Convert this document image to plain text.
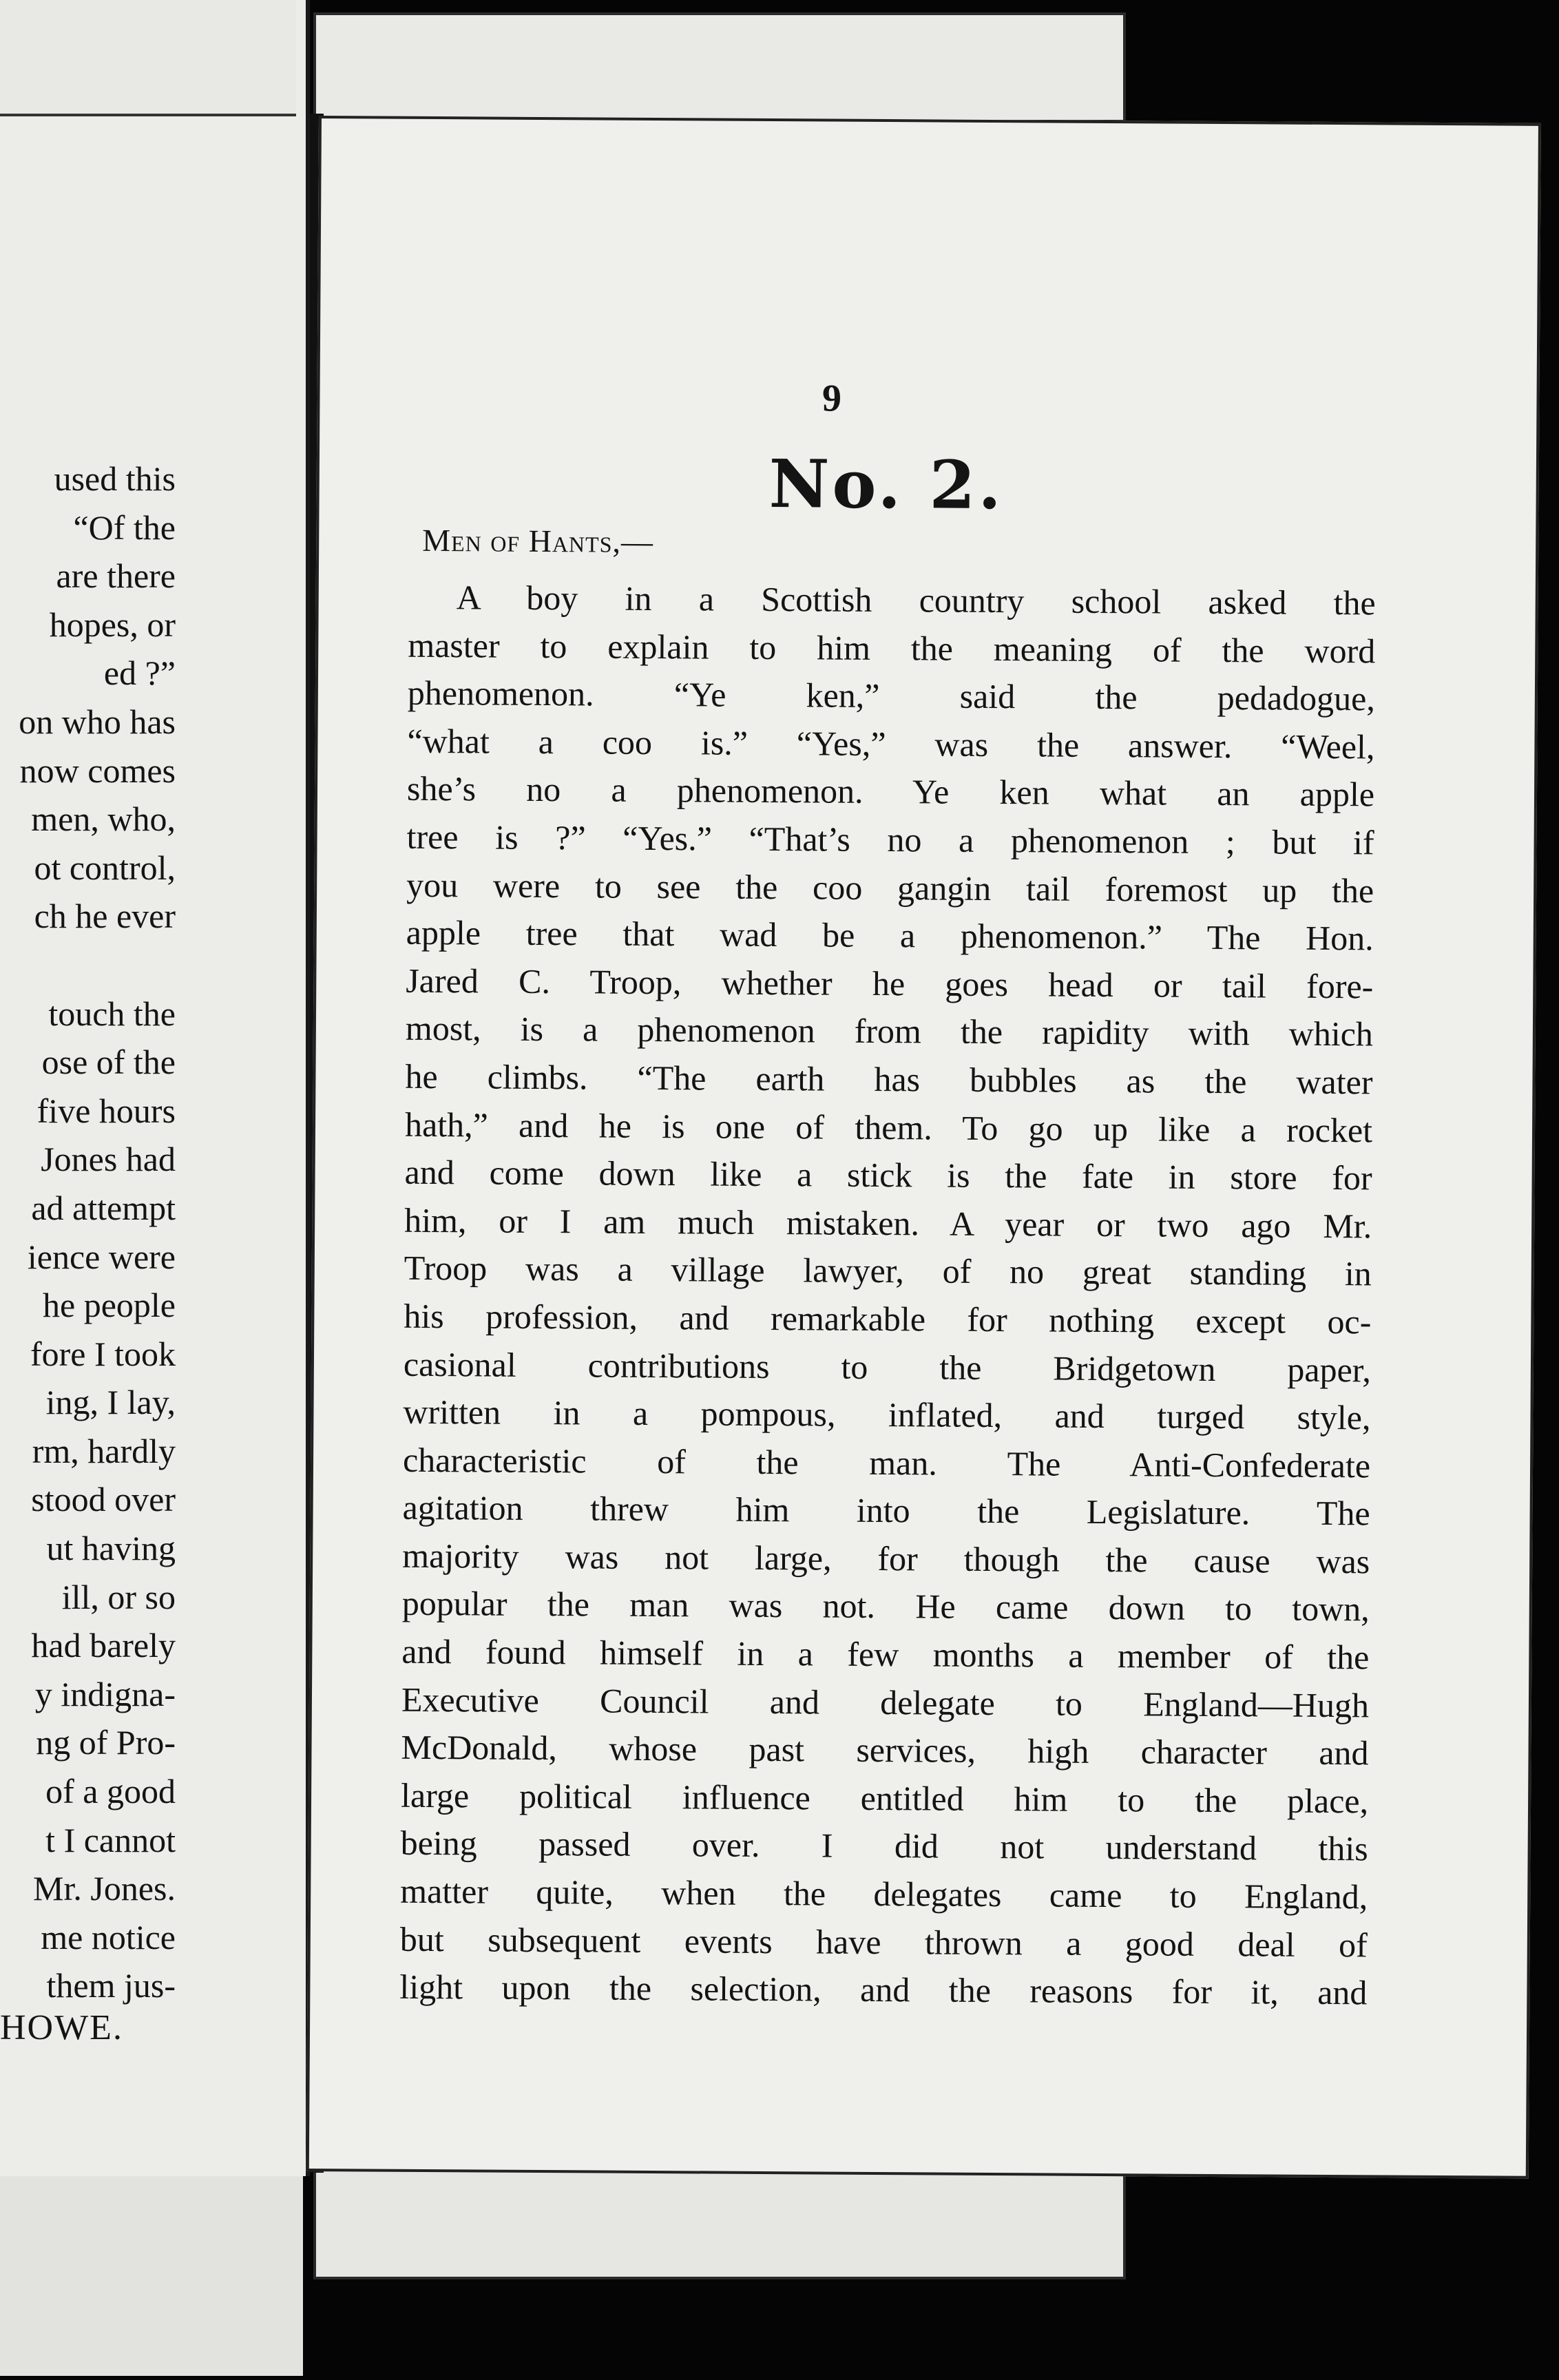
used this
“Of the
are there
hopes, or
ed ?”
on who has
now comes
men, who,
ot control,
ch he ever
touch the
ose of the
five hours
Jones had
ad attempt
ience were
he people
fore I took
ing, I lay,
rm, hardly
stood over
ut having
ill, or so
had barely
y indigna-
ng of Pro-
of a good
t I cannot
Mr. Jones.
me notice
them jus-
HOWE.
9
No. 2.
Men of Hants,—
A boy in a Scottish country school asked the
master to explain to him the meaning of the word
phenomenon. “Ye ken,” said the pedadogue,
“what a coo is.” “Yes,” was the answer. “Weel,
she’s no a phenomenon. Ye ken what an apple
tree is ?” “Yes.” “That’s no a phenomenon ; but if
you were to see the coo gangin tail foremost up the
apple tree that wad be a phenomenon.” The Hon.
Jared C. Troop, whether he goes head or tail fore-
most, is a phenomenon from the rapidity with which
he climbs. “The earth has bubbles as the water
hath,” and he is one of them. To go up like a rocket
and come down like a stick is the fate in store for
him, or I am much mistaken. A year or two ago Mr.
Troop was a village lawyer, of no great standing in
his profession, and remarkable for nothing except oc-
casional contributions to the Bridgetown paper,
written in a pompous, inflated, and turged style,
characteristic of the man. The Anti-Confederate
agitation threw him into the Legislature. The
majority was not large, for though the cause was
popular the man was not. He came down to town,
and found himself in a few months a member of the
Executive Council and delegate to England—Hugh
McDonald, whose past services, high character and
large political influence entitled him to the place,
being passed over. I did not understand this
matter quite, when the delegates came to England,
but subsequent events have thrown a good deal of
light upon the selection, and the reasons for it, and
